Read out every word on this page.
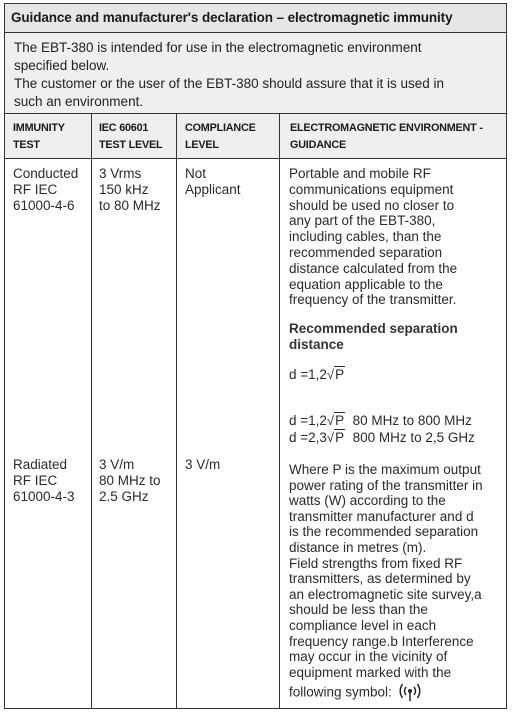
Guidance and manufacturer's declaration – electromagnetic immunity
The EBT-380 is intended for use in the electromagnetic environment
specified below.
The customer or the user of the EBT-380 should assure that it is used in
such an environment.
IMMUNITY
TEST
IEC 60601
TEST LEVEL
COMPLIANCE
LEVEL
ELECTROMAGNETIC ENVIRONMENT -
GUIDANCE
Conducted
RF IEC
61000-4-6
3 Vrms
150 kHz
to 80 MHz
Not
Applicant
Radiated
RF IEC
61000-4-3
3 V/m
80 MHz to
2.5 GHz
3 V/m
Portable and mobile RF
communications equipment
should be used no closer to
any part of the EBT-380,
including cables, than the
recommended separation
distance calculated from the
equation applicable to the
frequency of the transmitter.
Recommended separation
distance
d =1,2√P
d =1,2√P 80 MHz to 800 MHz
d =2,3√P 800 MHz to 2,5 GHz
Where P is the maximum output
power rating of the transmitter in
watts (W) according to the
transmitter manufacturer and d
is the recommended separation
distance in metres (m).
Field strengths from fixed RF
transmitters, as determined by
an electromagnetic site survey,a
should be less than the
compliance level in each
frequency range.b Interference
may occur in the vicinity of
equipment marked with the
following symbol:
